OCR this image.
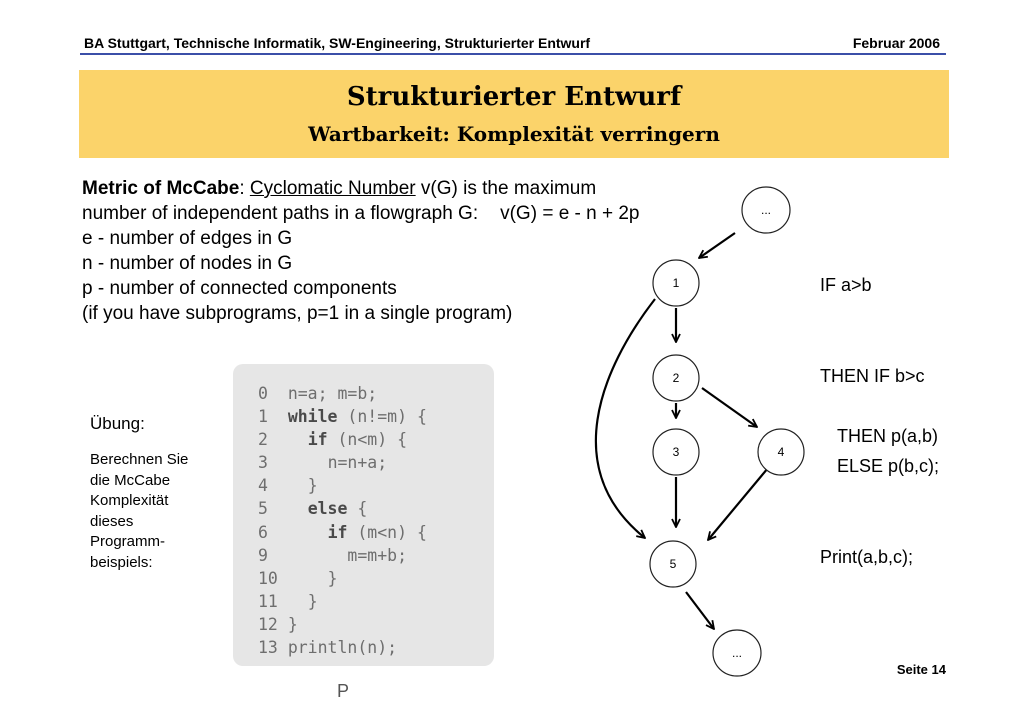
BA Stuttgart, Technische Informatik, SW-Engineering, Strukturierter Entwurf	Februar 2006
Strukturierter Entwurf
Wartbarkeit: Komplexität verringern
Metric of McCabe: Cyclomatic Number v(G) is the maximum
number of independent paths in a flowgraph G: v(G) = e - n + 2p
e - number of edges in G
n - number of nodes in G
p - number of connected components
(if you have subprograms, p=1 in a single program)
0  n=a; m=b;
1  while (n!=m) {
2    if (n<m) {
3      n=n+a;
4    }
5    else {
6      if (m<n) {
9	m=m+b;
10     }
11   }
12 }
13 println(n);
P
Übung:
Berechnen Sie
die McCabe
Komplexität
dieses
Programm-
beispiels:
...
1
2
3	4
5
...
IF a>b
THEN IF b>c
THEN p(a,b)
ELSE p(b,c);
Print(a,b,c);
Seite 14
